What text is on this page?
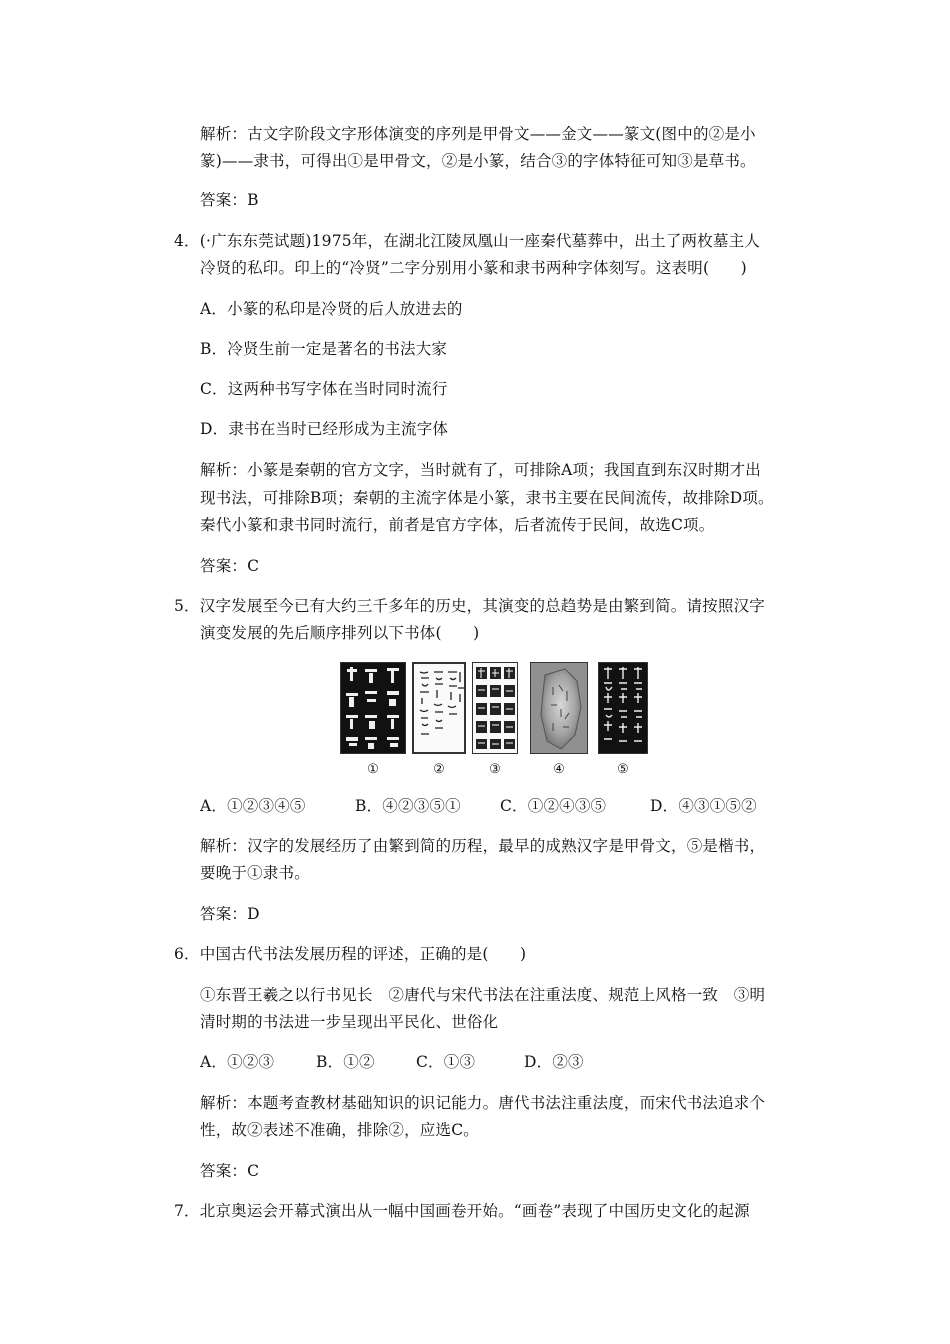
解析：古文字阶段文字形体演变的序列是甲骨文——金文——篆文(图中的②是小
篆)——隶书，可得出①是甲骨文，②是小篆，结合③的字体特征可知③是草书。
答案：B
4．(·广东东莞试题)1975年，在湖北江陵凤凰山一座秦代墓葬中，出土了两枚墓主人
冷贤的私印。印上的“冷贤”二字分别用小篆和隶书两种字体刻写。这表明(　　)
A．小篆的私印是冷贤的后人放进去的
B．冷贤生前一定是著名的书法大家
C．这两种书写字体在当时同时流行
D．隶书在当时已经形成为主流字体
解析：小篆是秦朝的官方文字，当时就有了，可排除A项；我国直到东汉时期才出
现书法，可排除B项；秦朝的主流字体是小篆，隶书主要在民间流传，故排除D项。
秦代小篆和隶书同时流行，前者是官方字体，后者流传于民间，故选C项。
答案：C
5．汉字发展至今已有大约三千多年的历史，其演变的总趋势是由繁到简。请按照汉字
演变发展的先后顺序排列以下书体(　　)
①	②	③	④	⑤
A．①②③④⑤	B．④②③⑤①	C．①②④③⑤	D．④③①⑤②
解析：汉字的发展经历了由繁到简的历程，最早的成熟汉字是甲骨文，⑤是楷书，
要晚于①隶书。
答案：D
6．中国古代书法发展历程的评述，正确的是(　　)
①东晋王羲之以行书见长　②唐代与宋代书法在注重法度、规范上风格一致　③明
清时期的书法进一步呈现出平民化、世俗化
A．①②③	B．①②	C．①③	D．②③
解析：本题考查教材基础知识的识记能力。唐代书法注重法度，而宋代书法追求个
性，故②表述不准确，排除②，应选C。
答案：C
7．北京奥运会开幕式演出从一幅中国画卷开始。“画卷”表现了中国历史文化的起源
